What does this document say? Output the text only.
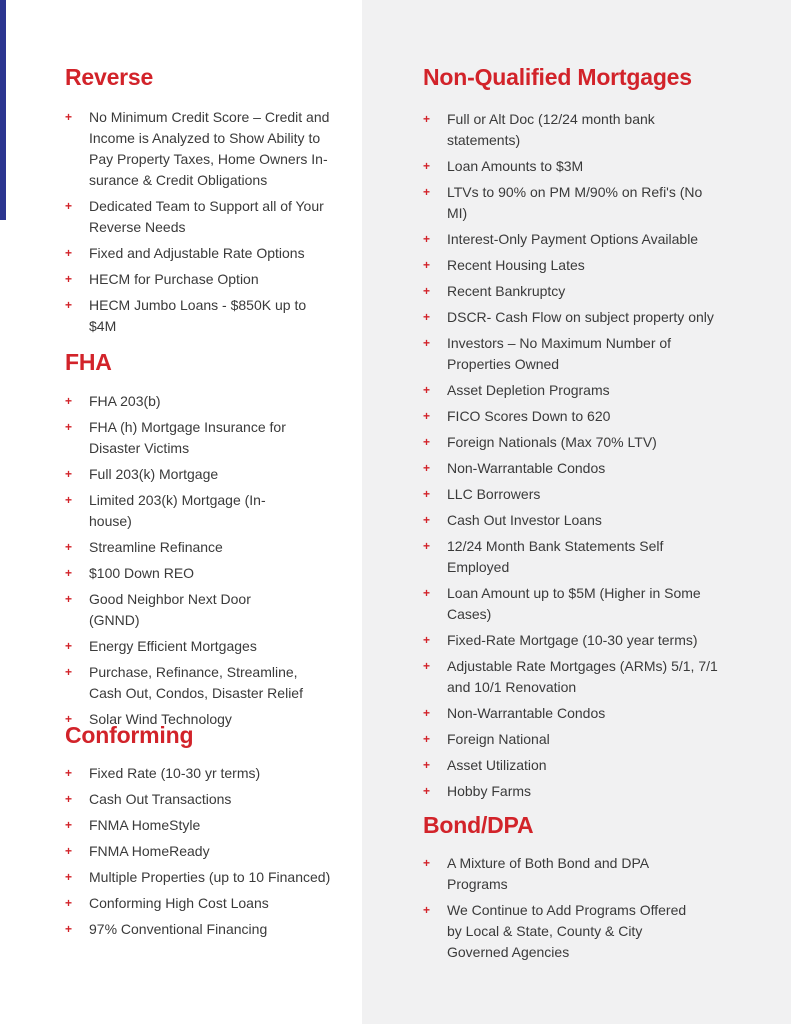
Reverse
+ No Minimum Credit Score – Credit and Income is Analyzed to Show Ability to Pay Property Taxes, Home Owners In-surance & Credit Obligations
+ Dedicated Team to Support all of Your Reverse Needs
+ Fixed and Adjustable Rate Options
+ HECM for Purchase Option
+ HECM Jumbo Loans - $850K up to $4M
FHA
+ FHA 203(b)
+ FHA (h) Mortgage Insurance for Disaster Victims
+ Full 203(k) Mortgage
+ Limited 203(k) Mortgage (In-house)
+ Streamline Refinance
+ $100 Down REO
+ Good Neighbor Next Door (GNND)
+ Energy Efficient Mortgages
+ Purchase, Refinance, Streamline, Cash Out, Condos, Disaster Relief
+ Solar Wind Technology
Conforming
+ Fixed Rate (10-30 yr terms)
+ Cash Out Transactions
+ FNMA HomeStyle
+ FNMA HomeReady
+ Multiple Properties (up to 10 Financed)
+ Conforming High Cost Loans
+ 97% Conventional Financing
Non-Qualified Mortgages
+ Full or Alt Doc (12/24 month bank statements)
+ Loan Amounts to $3M
+ LTVs to 90% on PM M/90% on Refi's (No MI)
+ Interest-Only Payment Options Available
+ Recent Housing Lates
+ Recent Bankruptcy
+ DSCR- Cash Flow on subject property only
+ Investors – No Maximum Number of Properties Owned
+ Asset Depletion Programs
+ FICO Scores Down to 620
+ Foreign Nationals (Max 70% LTV)
+ Non-Warrantable Condos
+ LLC Borrowers
+ Cash Out Investor Loans
+ 12/24 Month Bank Statements Self Employed
+ Loan Amount up to $5M (Higher in Some Cases)
+ Fixed-Rate Mortgage (10-30 year terms)
+ Adjustable Rate Mortgages (ARMs) 5/1, 7/1 and 10/1 Renovation
+ Non-Warrantable Condos
+ Foreign National
+ Asset Utilization
+ Hobby Farms
Bond/DPA
+ A Mixture of Both Bond and DPA Programs
+ We Continue to Add Programs Offered by Local & State, County & City Governed Agencies
